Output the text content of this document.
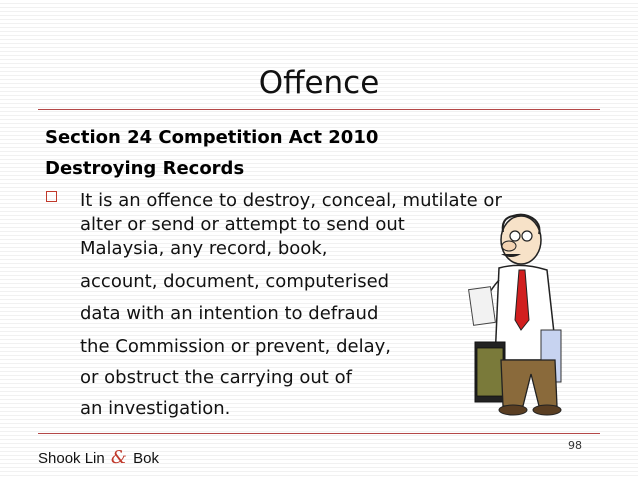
Offence
Section 24 Competition Act 2010
Destroying Records
It is an offence to destroy, conceal, mutilate or
alter or send or attempt to send out
Malaysia, any record, book,
account, document, computerised
data with an intention to defraud
the Commission or prevent, delay,
or obstruct the carrying out of
an investigation.
98
Shook Lin & Bok
